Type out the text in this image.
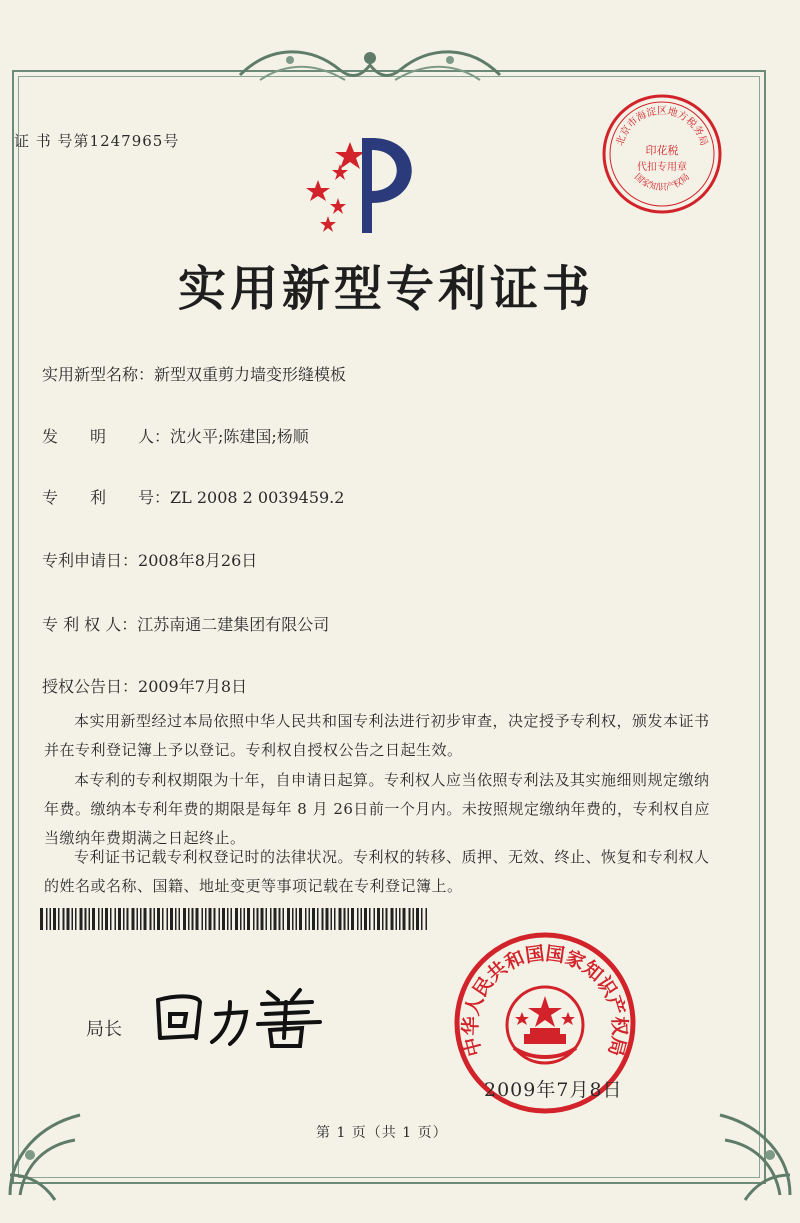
证 书 号第1247965号
实用新型专利证书
北京市海淀区地方税务局
印花税
代扣专用章
国家知识产权局
实用新型名称：新型双重剪力墙变形缝模板
发　　明　　人：沈火平;陈建国;杨顺
专　　利　　号：ZL 2008 2 0039459.2
专利申请日：2008年8月26日
专 利 权 人：江苏南通二建集团有限公司
授权公告日：2009年7月8日
本实用新型经过本局依照中华人民共和国专利法进行初步审查，决定授予专利权，颁发本证书并在专利登记簿上予以登记。专利权自授权公告之日起生效。
本专利的专利权期限为十年，自申请日起算。专利权人应当依照专利法及其实施细则规定缴纳年费。缴纳本专利年费的期限是每年 8 月 26日前一个月内。未按照规定缴纳年费的，专利权自应当缴纳年费期满之日起终止。
专利证书记载专利权登记时的法律状况。专利权的转移、质押、无效、终止、恢复和专利权人的姓名或名称、国籍、地址变更等事项记载在专利登记簿上。
局长
中华人民共和国国家知识产权局
2009年7月8日
第 1 页（共 1 页）
